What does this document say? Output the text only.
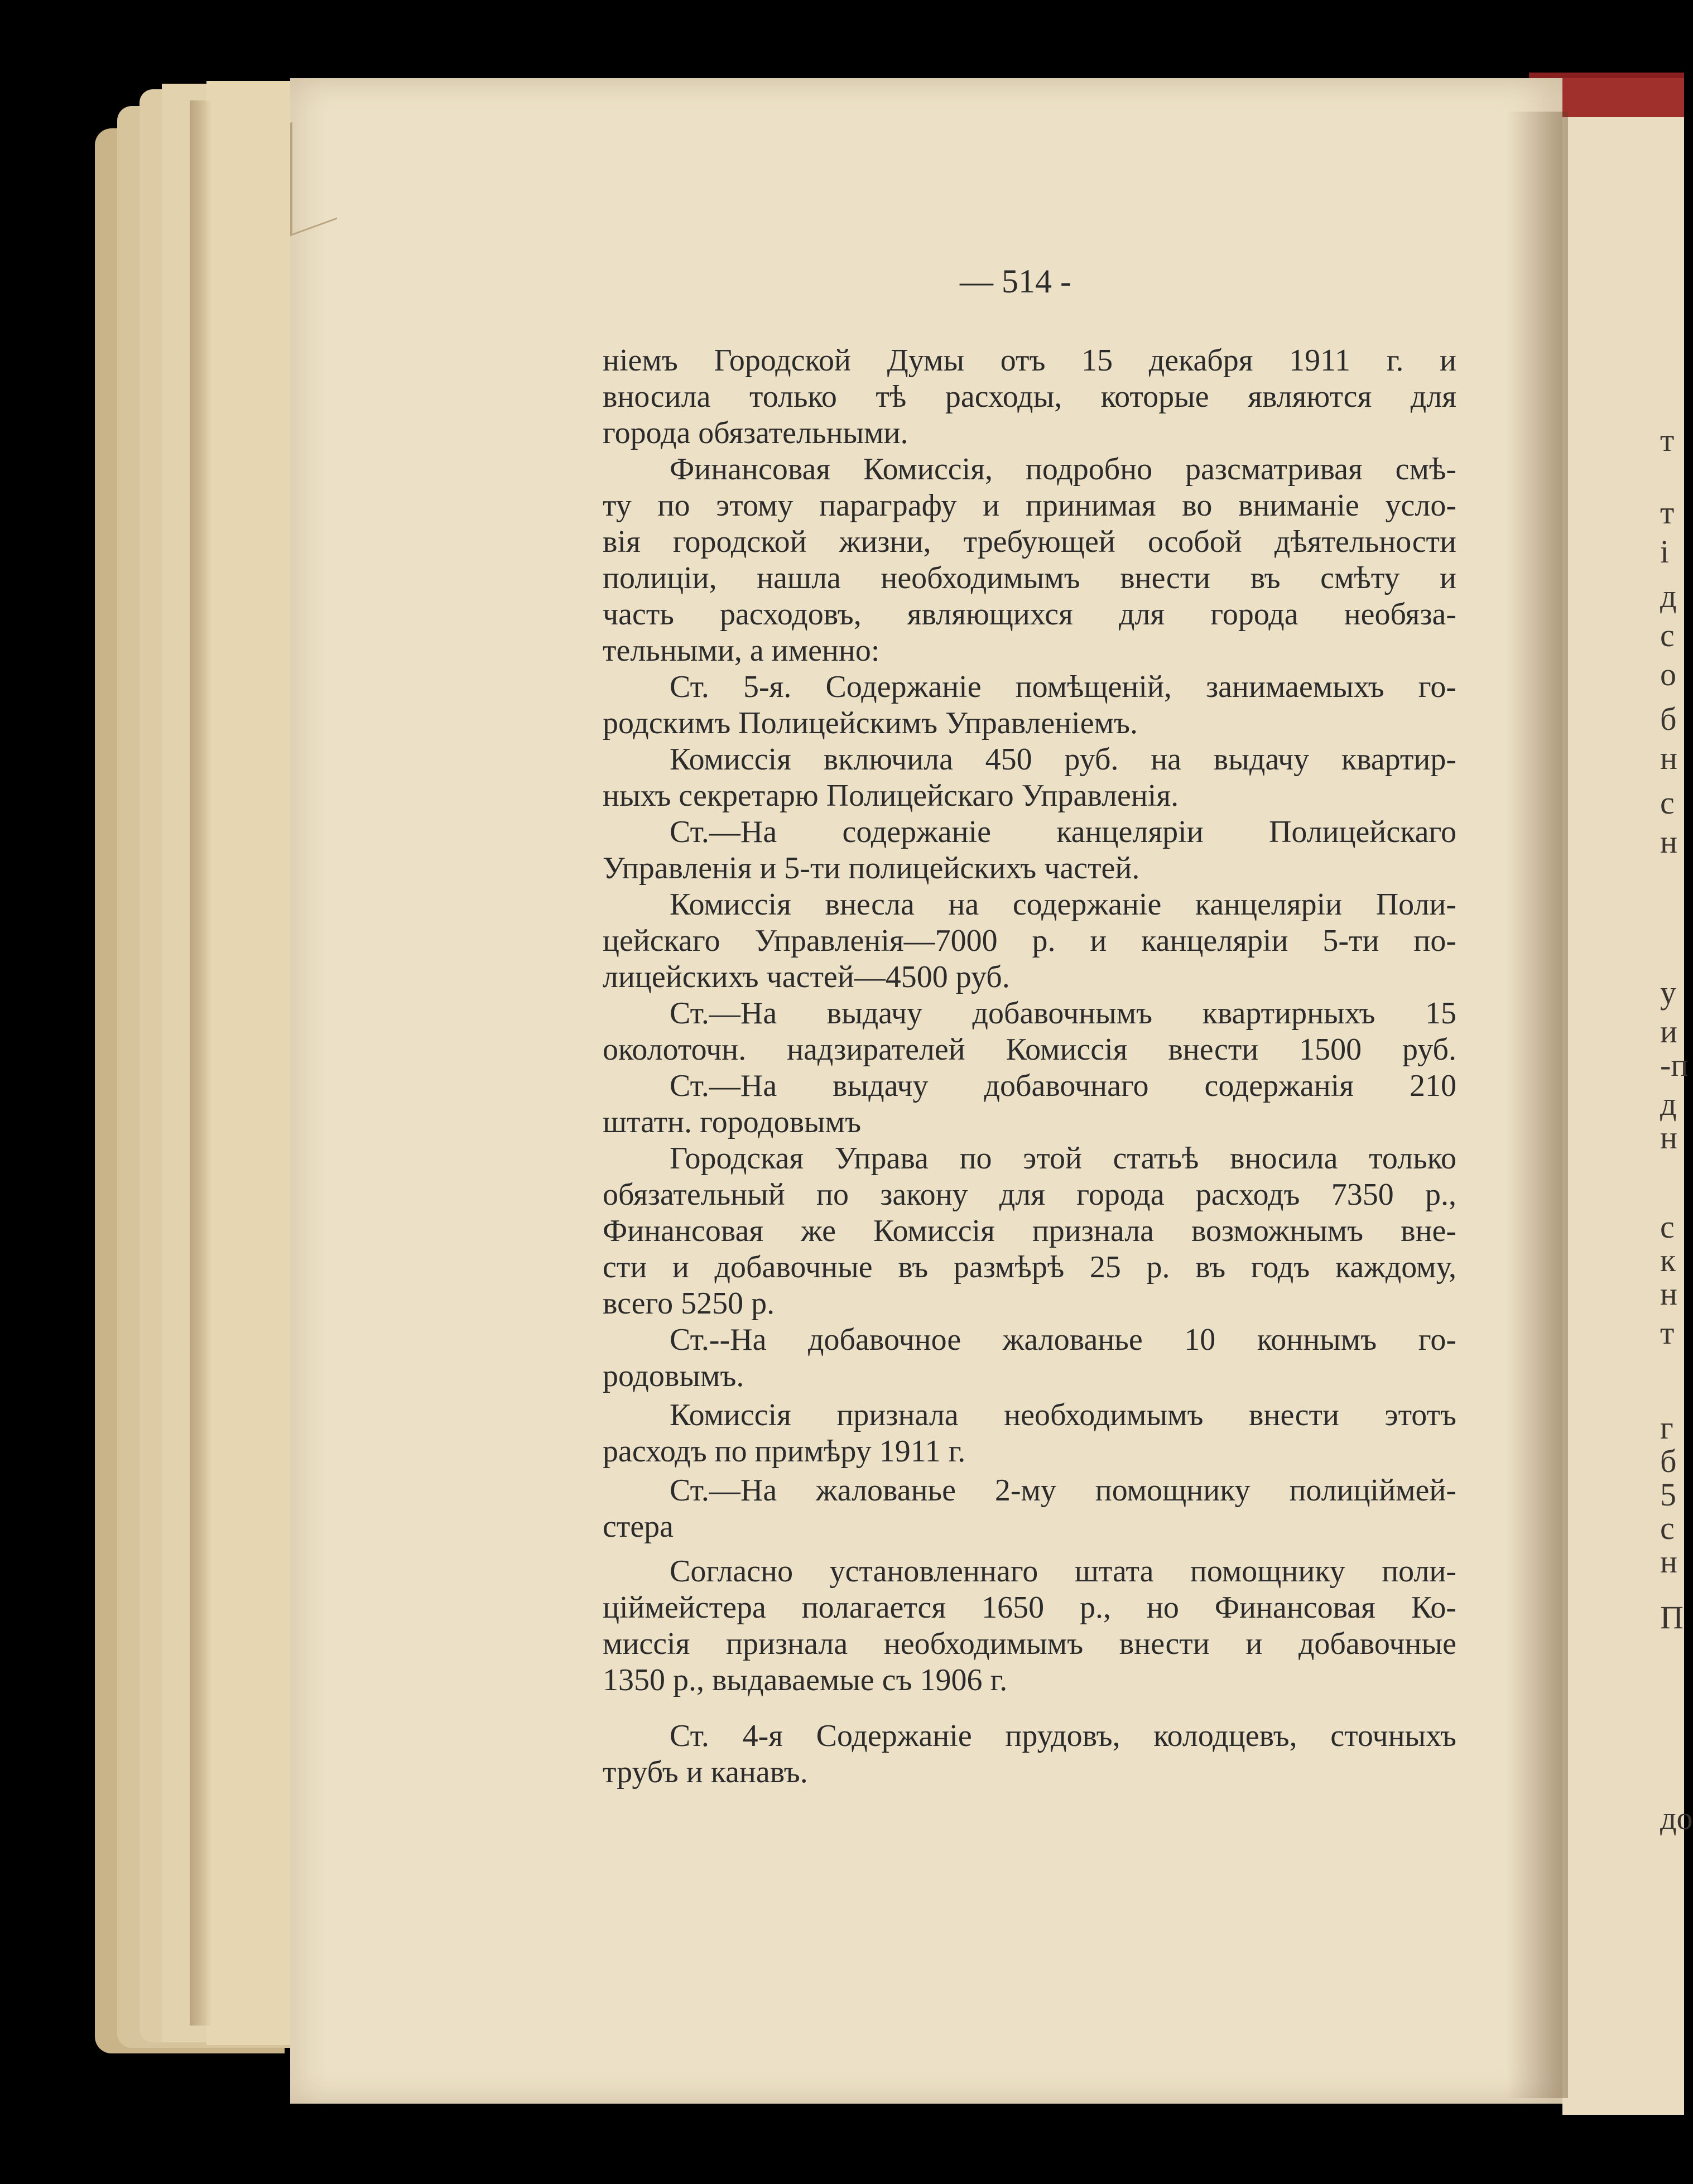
т
т
і
д
с
о
б
н
с
н
у
и
-п
д
н
с
к
н
т
г
б
5
с
н
П
до
— 514 -
ніемъ Городской Думы отъ 15 декабря 1911 г. и
вносила только тѣ расходы, которые являются для
города обязательными.
Финансовая Комиссія, подробно разсматривая смѣ-
ту по этому параграфу и принимая во вниманіе усло-
вія городской жизни, требующей особой дѣятельности
полиціи, нашла необходимымъ внести въ смѣту и
часть расходовъ, являющихся для города необяза-
тельными, а именно:
Ст. 5-я. Содержаніе помѣщеній, занимаемыхъ го-
родскимъ Полицейскимъ Управленіемъ.
Комиссія включила 450 руб. на выдачу квартир-
ныхъ секретарю Полицейскаго Управленія.
Ст.—На содержаніе канцеляріи Полицейскаго
Управленія и 5-ти полицейскихъ частей.
Комиссія внесла на содержаніе канцеляріи Поли-
цейскаго Управленія—7000 р. и канцеляріи 5-ти по-
лицейскихъ частей—4500 руб.
Ст.—На выдачу добавочнымъ квартирныхъ 15
околоточн. надзирателей Комиссія внести 1500 руб.
Ст.—На выдачу добавочнаго содержанія 210
штатн. городовымъ
Городская Управа по этой статьѣ вносила только
обязательный по закону для города расходъ 7350 р.,
Финансовая же Комиссія признала возможнымъ вне-
сти и добавочные въ размѣрѣ 25 р. въ годъ каждому,
всего 5250 р.
Ст.--На добавочное жалованье 10 коннымъ го-
родовымъ.
Комиссія признала необходимымъ внести этотъ
расходъ по примѣру 1911 г.
Ст.—На жалованье 2-му помощнику полиціймей-
стера
Согласно установленнаго штата помощнику поли-
ціймейстера полагается 1650 р., но Финансовая Ко-
миссія признала необходимымъ внести и добавочные
1350 р., выдаваемые съ 1906 г.
Ст. 4-я Содержаніе прудовъ, колодцевъ, сточныхъ
трубъ и канавъ.
